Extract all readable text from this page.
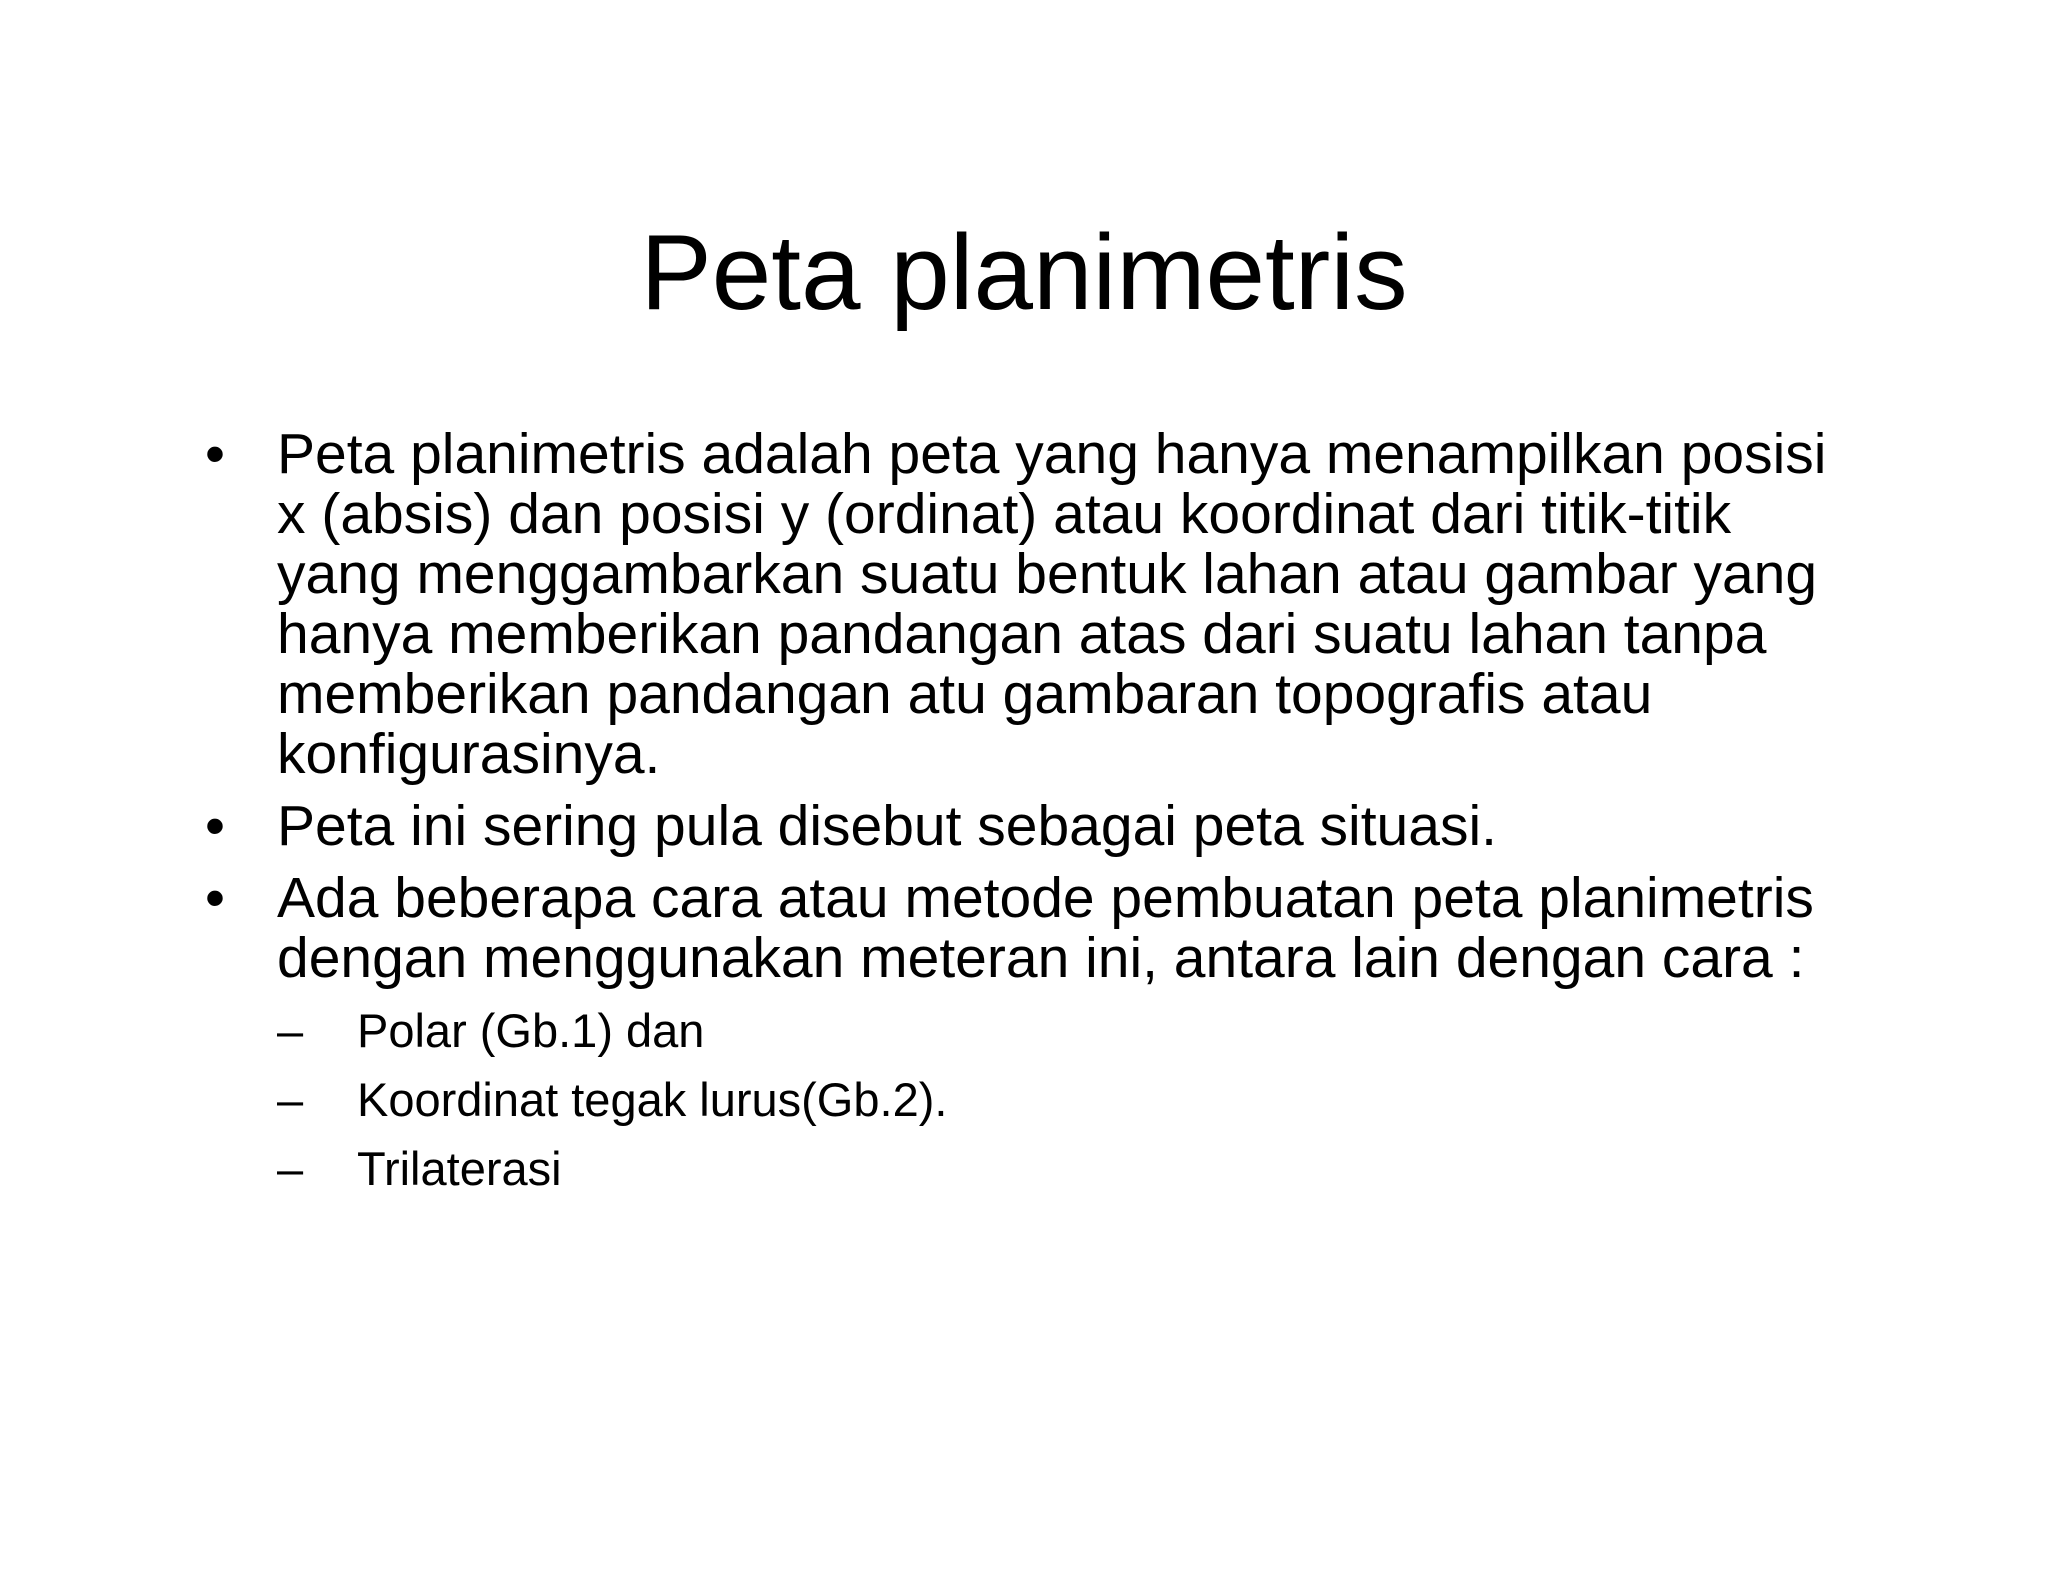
Peta planimetris
• Peta planimetris adalah peta yang hanya menampilkan posisi x (absis) dan posisi y (ordinat) atau koordinat dari titik-titik yang menggambarkan suatu bentuk lahan atau gambar yang hanya memberikan pandangan atas dari suatu lahan tanpa memberikan pandangan atu gambaran topografis atau konfigurasinya.
• Peta ini sering pula disebut sebagai peta situasi.
• Ada beberapa cara atau metode pembuatan peta planimetris dengan menggunakan meteran ini, antara lain dengan cara :
– Polar (Gb.1) dan
– Koordinat tegak lurus(Gb.2).
– Trilaterasi
